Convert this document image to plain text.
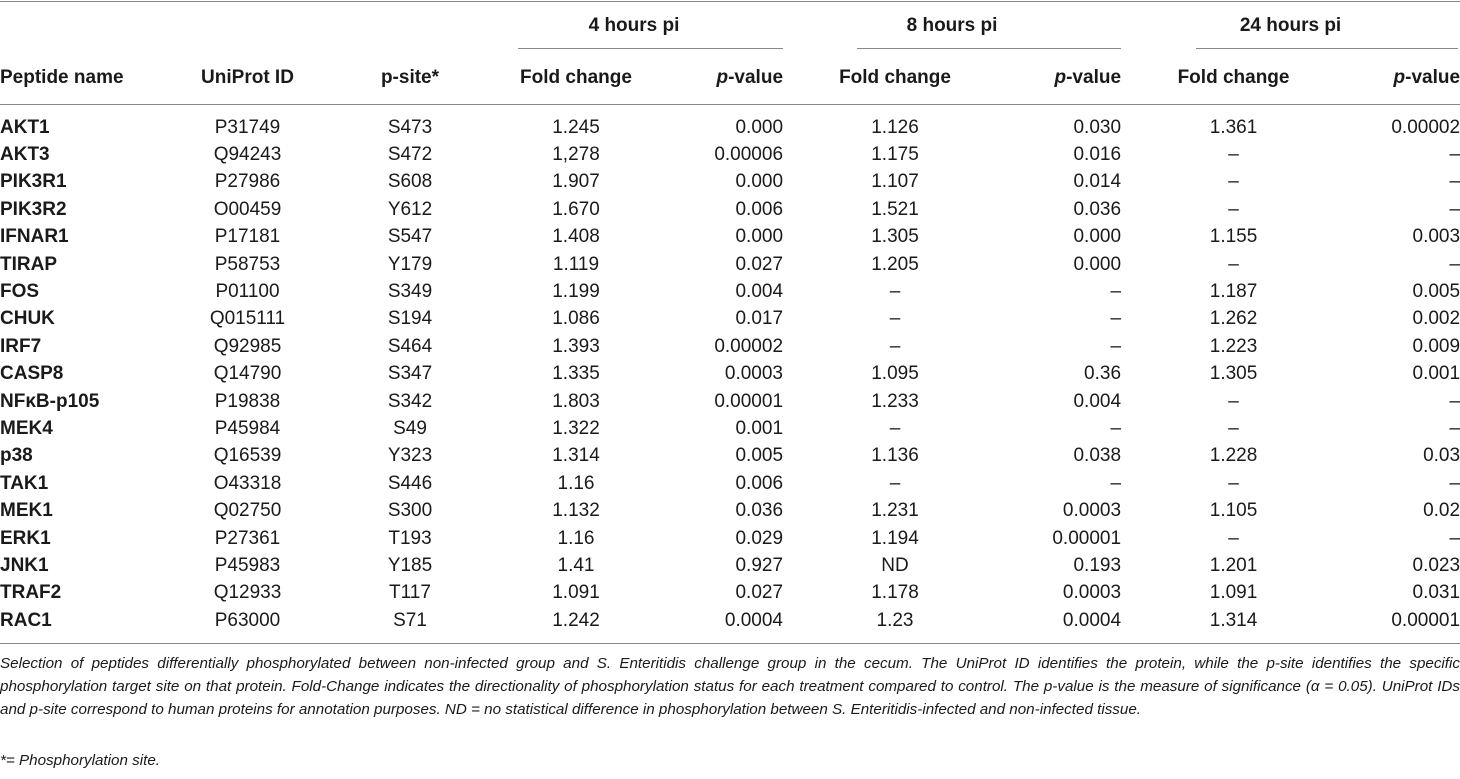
			4 hours pi		8 hours pi		24 hours pi	
Peptide name	UniProt ID	p-site*	Fold change	p-value	Fold change	p-value	Fold change	p-value
AKT1	P31749	S473	1.245	0.000	1.126	0.030	1.361	0.00002
AKT3	Q94243	S472	1,278	0.00006	1.175	0.016	–	–
PIK3R1	P27986	S608	1.907	0.000	1.107	0.014	–	–
PIK3R2	O00459	Y612	1.670	0.006	1.521	0.036	–	–
IFNAR1	P17181	S547	1.408	0.000	1.305	0.000	1.155	0.003
TIRAP	P58753	Y179	1.119	0.027	1.205	0.000	–	–
FOS	P01100	S349	1.199	0.004	–	–	1.187	0.005
CHUK	Q015111	S194	1.086	0.017	–	–	1.262	0.002
IRF7	Q92985	S464	1.393	0.00002	–	–	1.223	0.009
CASP8	Q14790	S347	1.335	0.0003	1.095	0.36	1.305	0.001
NFκB-p105	P19838	S342	1.803	0.00001	1.233	0.004	–	–
MEK4	P45984	S49	1.322	0.001	–	–	–	–
p38	Q16539	Y323	1.314	0.005	1.136	0.038	1.228	0.03
TAK1	O43318	S446	1.16	0.006	–	–	–	–
MEK1	Q02750	S300	1.132	0.036	1.231	0.0003	1.105	0.02
ERK1	P27361	T193	1.16	0.029	1.194	0.00001	–	–
JNK1	P45983	Y185	1.41	0.927	ND	0.193	1.201	0.023
TRAF2	Q12933	T117	1.091	0.027	1.178	0.0003	1.091	0.031
RAC1	P63000	S71	1.242	0.0004	1.23	0.0004	1.314	0.00001
Selection of peptides differentially phosphorylated between non-infected group and S. Enteritidis challenge group in the cecum. The UniProt ID identifies the protein, while the p-site identifies the specific phosphorylation target site on that protein. Fold-Change indicates the directionality of phosphorylation status for each treatment compared to control. The p-value is the measure of significance (α = 0.05). UniProt IDs and p-site correspond to human proteins for annotation purposes. ND = no statistical difference in phosphorylation between S. Enteritidis-infected and non-infected tissue.
*= Phosphorylation site.
